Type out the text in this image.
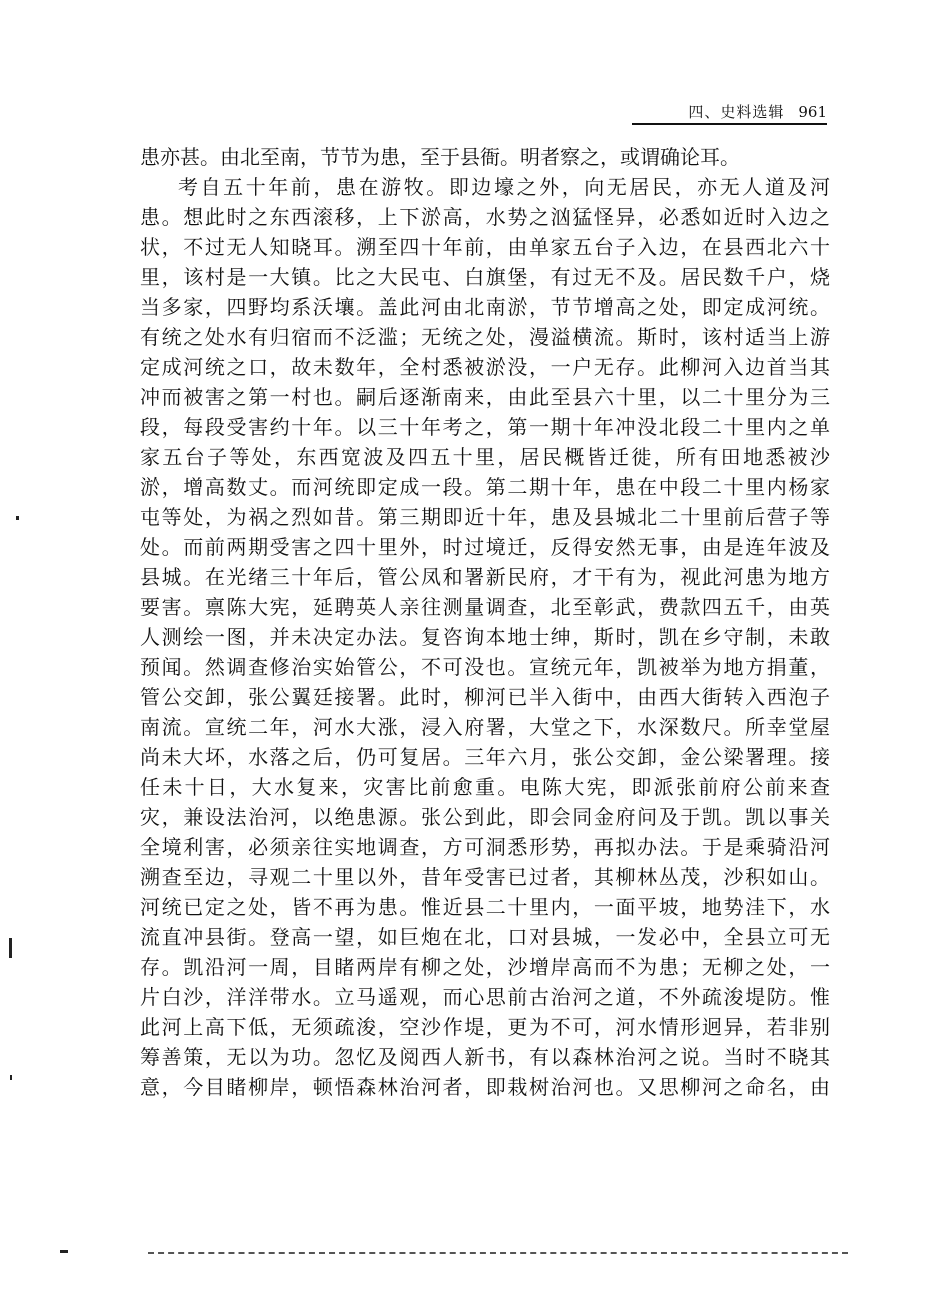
四、史料选辑 961
患亦甚。由北至南，节节为患，至于县衙。明者察之，或谓确论耳。
考自五十年前，患在游牧。即边壕之外，向无居民，亦无人道及河
患。想此时之东西滚移，上下淤高，水势之汹猛怪异，必悉如近时入边之
状，不过无人知晓耳。溯至四十年前，由单家五台子入边，在县西北六十
里，该村是一大镇。比之大民屯、白旗堡，有过无不及。居民数千户，烧
当多家，四野均系沃壤。盖此河由北南淤，节节增高之处，即定成河统。
有统之处水有归宿而不泛滥；无统之处，漫溢横流。斯时，该村适当上游
定成河统之口，故未数年，全村悉被淤没，一户无存。此柳河入边首当其
冲而被害之第一村也。嗣后逐渐南来，由此至县六十里，以二十里分为三
段，每段受害约十年。以三十年考之，第一期十年冲没北段二十里内之单
家五台子等处，东西宽波及四五十里，居民概皆迁徙，所有田地悉被沙
淤，增高数丈。而河统即定成一段。第二期十年，患在中段二十里内杨家
屯等处，为祸之烈如昔。第三期即近十年，患及县城北二十里前后营子等
处。而前两期受害之四十里外，时过境迁，反得安然无事，由是连年波及
县城。在光绪三十年后，管公凤和署新民府，才干有为，视此河患为地方
要害。禀陈大宪，延聘英人亲往测量调查，北至彰武，费款四五千，由英
人测绘一图，并未决定办法。复咨询本地士绅，斯时，凯在乡守制，未敢
预闻。然调查修治实始管公，不可没也。宣统元年，凯被举为地方捐董，
管公交卸，张公翼廷接署。此时，柳河已半入街中，由西大街转入西泡子
南流。宣统二年，河水大涨，浸入府署，大堂之下，水深数尺。所幸堂屋
尚未大坏，水落之后，仍可复居。三年六月，张公交卸，金公梁署理。接
任未十日，大水复来，灾害比前愈重。电陈大宪，即派张前府公前来查
灾，兼设法治河，以绝患源。张公到此，即会同金府问及于凯。凯以事关
全境利害，必须亲往实地调查，方可洞悉形势，再拟办法。于是乘骑沿河
溯查至边，寻观二十里以外，昔年受害已过者，其柳林丛茂，沙积如山。
河统已定之处，皆不再为患。惟近县二十里内，一面平坡，地势洼下，水
流直冲县街。登高一望，如巨炮在北，口对县城，一发必中，全县立可无
存。凯沿河一周，目睹两岸有柳之处，沙增岸高而不为患；无柳之处，一
片白沙，洋洋带水。立马遥观，而心思前古治河之道，不外疏浚堤防。惟
此河上高下低，无须疏浚，空沙作堤，更为不可，河水情形迥异，若非别
筹善策，无以为功。忽忆及阅西人新书，有以森林治河之说。当时不晓其
意，今目睹柳岸，顿悟森林治河者，即栽树治河也。又思柳河之命名，由
